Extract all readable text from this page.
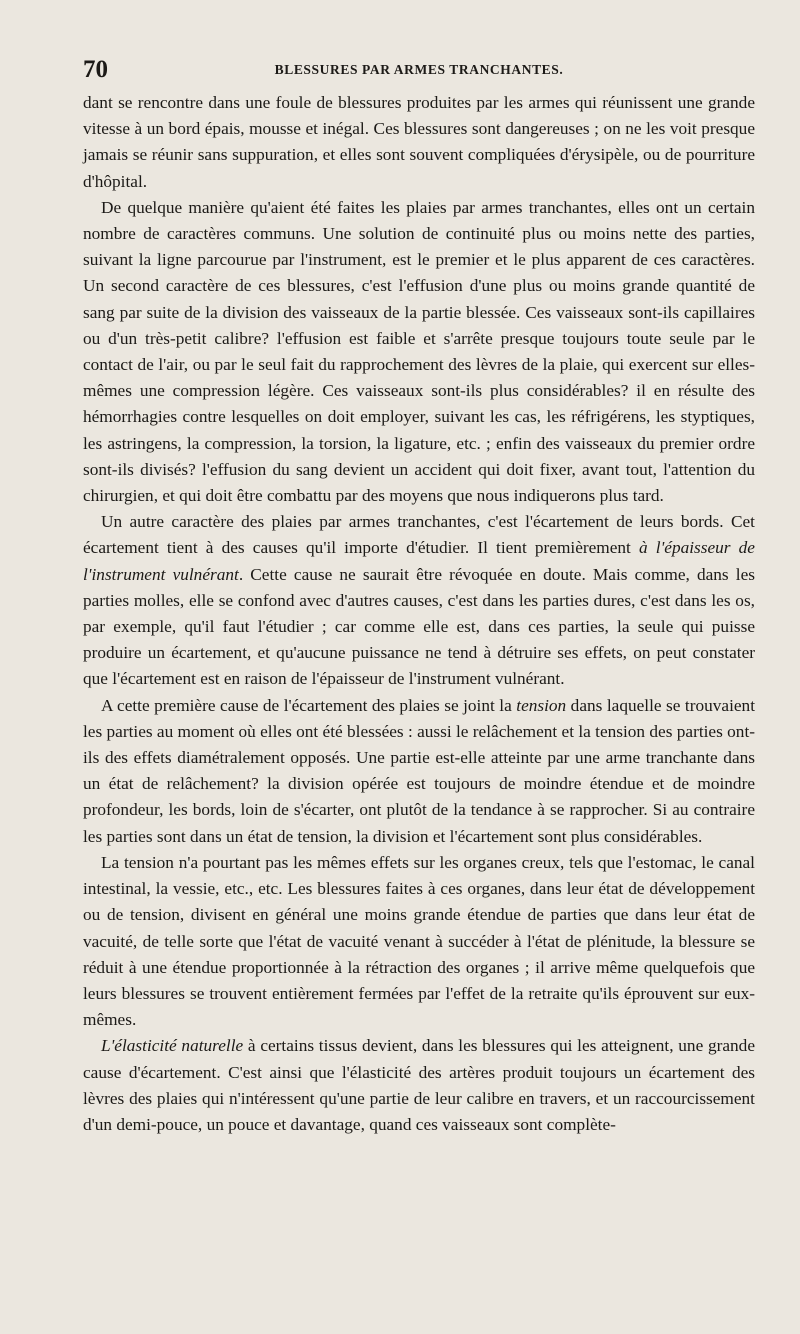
70	BLESSURES PAR ARMES TRANCHANTES.

dant se rencontre dans une foule de blessures produites par les armes qui réunissent une grande vitesse à un bord épais, mousse et inégal. Ces blessures sont dangereuses ; on ne les voit presque jamais se réunir sans suppuration, et elles sont souvent compliquées d'érysipèle, ou de pourriture d'hôpital.

De quelque manière qu'aient été faites les plaies par armes tranchantes, elles ont un certain nombre de caractères communs. Une solution de continuité plus ou moins nette des parties, suivant la ligne parcourue par l'instrument, est le premier et le plus apparent de ces caractères. Un second caractère de ces blessures, c'est l'effusion d'une plus ou moins grande quantité de sang par suite de la division des vaisseaux de la partie blessée. Ces vaisseaux sont-ils capillaires ou d'un très-petit calibre? l'effusion est faible et s'arrête presque toujours toute seule par le contact de l'air, ou par le seul fait du rapprochement des lèvres de la plaie, qui exercent sur elles-mêmes une compression légère. Ces vaisseaux sont-ils plus considérables? il en résulte des hémorrhagies contre lesquelles on doit employer, suivant les cas, les réfrigérens, les styptiques, les astringens, la compression, la torsion, la ligature, etc. ; enfin des vaisseaux du premier ordre sont-ils divisés? l'effusion du sang devient un accident qui doit fixer, avant tout, l'attention du chirurgien, et qui doit être combattu par des moyens que nous indiquerons plus tard.

Un autre caractère des plaies par armes tranchantes, c'est l'écartement de leurs bords. Cet écartement tient à des causes qu'il importe d'étudier. Il tient premièrement à l'épaisseur de l'instrument vulnérant. Cette cause ne saurait être révoquée en doute. Mais comme, dans les parties molles, elle se confond avec d'autres causes, c'est dans les parties dures, c'est dans les os, par exemple, qu'il faut l'étudier ; car comme elle est, dans ces parties, la seule qui puisse produire un écartement, et qu'aucune puissance ne tend à détruire ses effets, on peut constater que l'écartement est en raison de l'épaisseur de l'instrument vulnérant.

A cette première cause de l'écartement des plaies se joint la tension dans laquelle se trouvaient les parties au moment où elles ont été blessées : aussi le relâchement et la tension des parties ont-ils des effets diamétralement opposés. Une partie est-elle atteinte par une arme tranchante dans un état de relâchement? la division opérée est toujours de moindre étendue et de moindre profondeur, les bords, loin de s'écarter, ont plutôt de la tendance à se rapprocher. Si au contraire les parties sont dans un état de tension, la division et l'écartement sont plus considérables.

La tension n'a pourtant pas les mêmes effets sur les organes creux, tels que l'estomac, le canal intestinal, la vessie, etc., etc. Les blessures faites à ces organes, dans leur état de développement ou de tension, divisent en général une moins grande étendue de parties que dans leur état de vacuité, de telle sorte que l'état de vacuité venant à succéder à l'état de plénitude, la blessure se réduit à une étendue proportionnée à la rétraction des organes ; il arrive même quelquefois que leurs blessures se trouvent entièrement fermées par l'effet de la retraite qu'ils éprouvent sur eux-mêmes.

L'élasticité naturelle à certains tissus devient, dans les blessures qui les atteignent, une grande cause d'écartement. C'est ainsi que l'élasticité des artères produit toujours un écartement des lèvres des plaies qui n'intéressent qu'une partie de leur calibre en travers, et un raccourcissement d'un demi-pouce, un pouce et davantage, quand ces vaisseaux sont complète-
